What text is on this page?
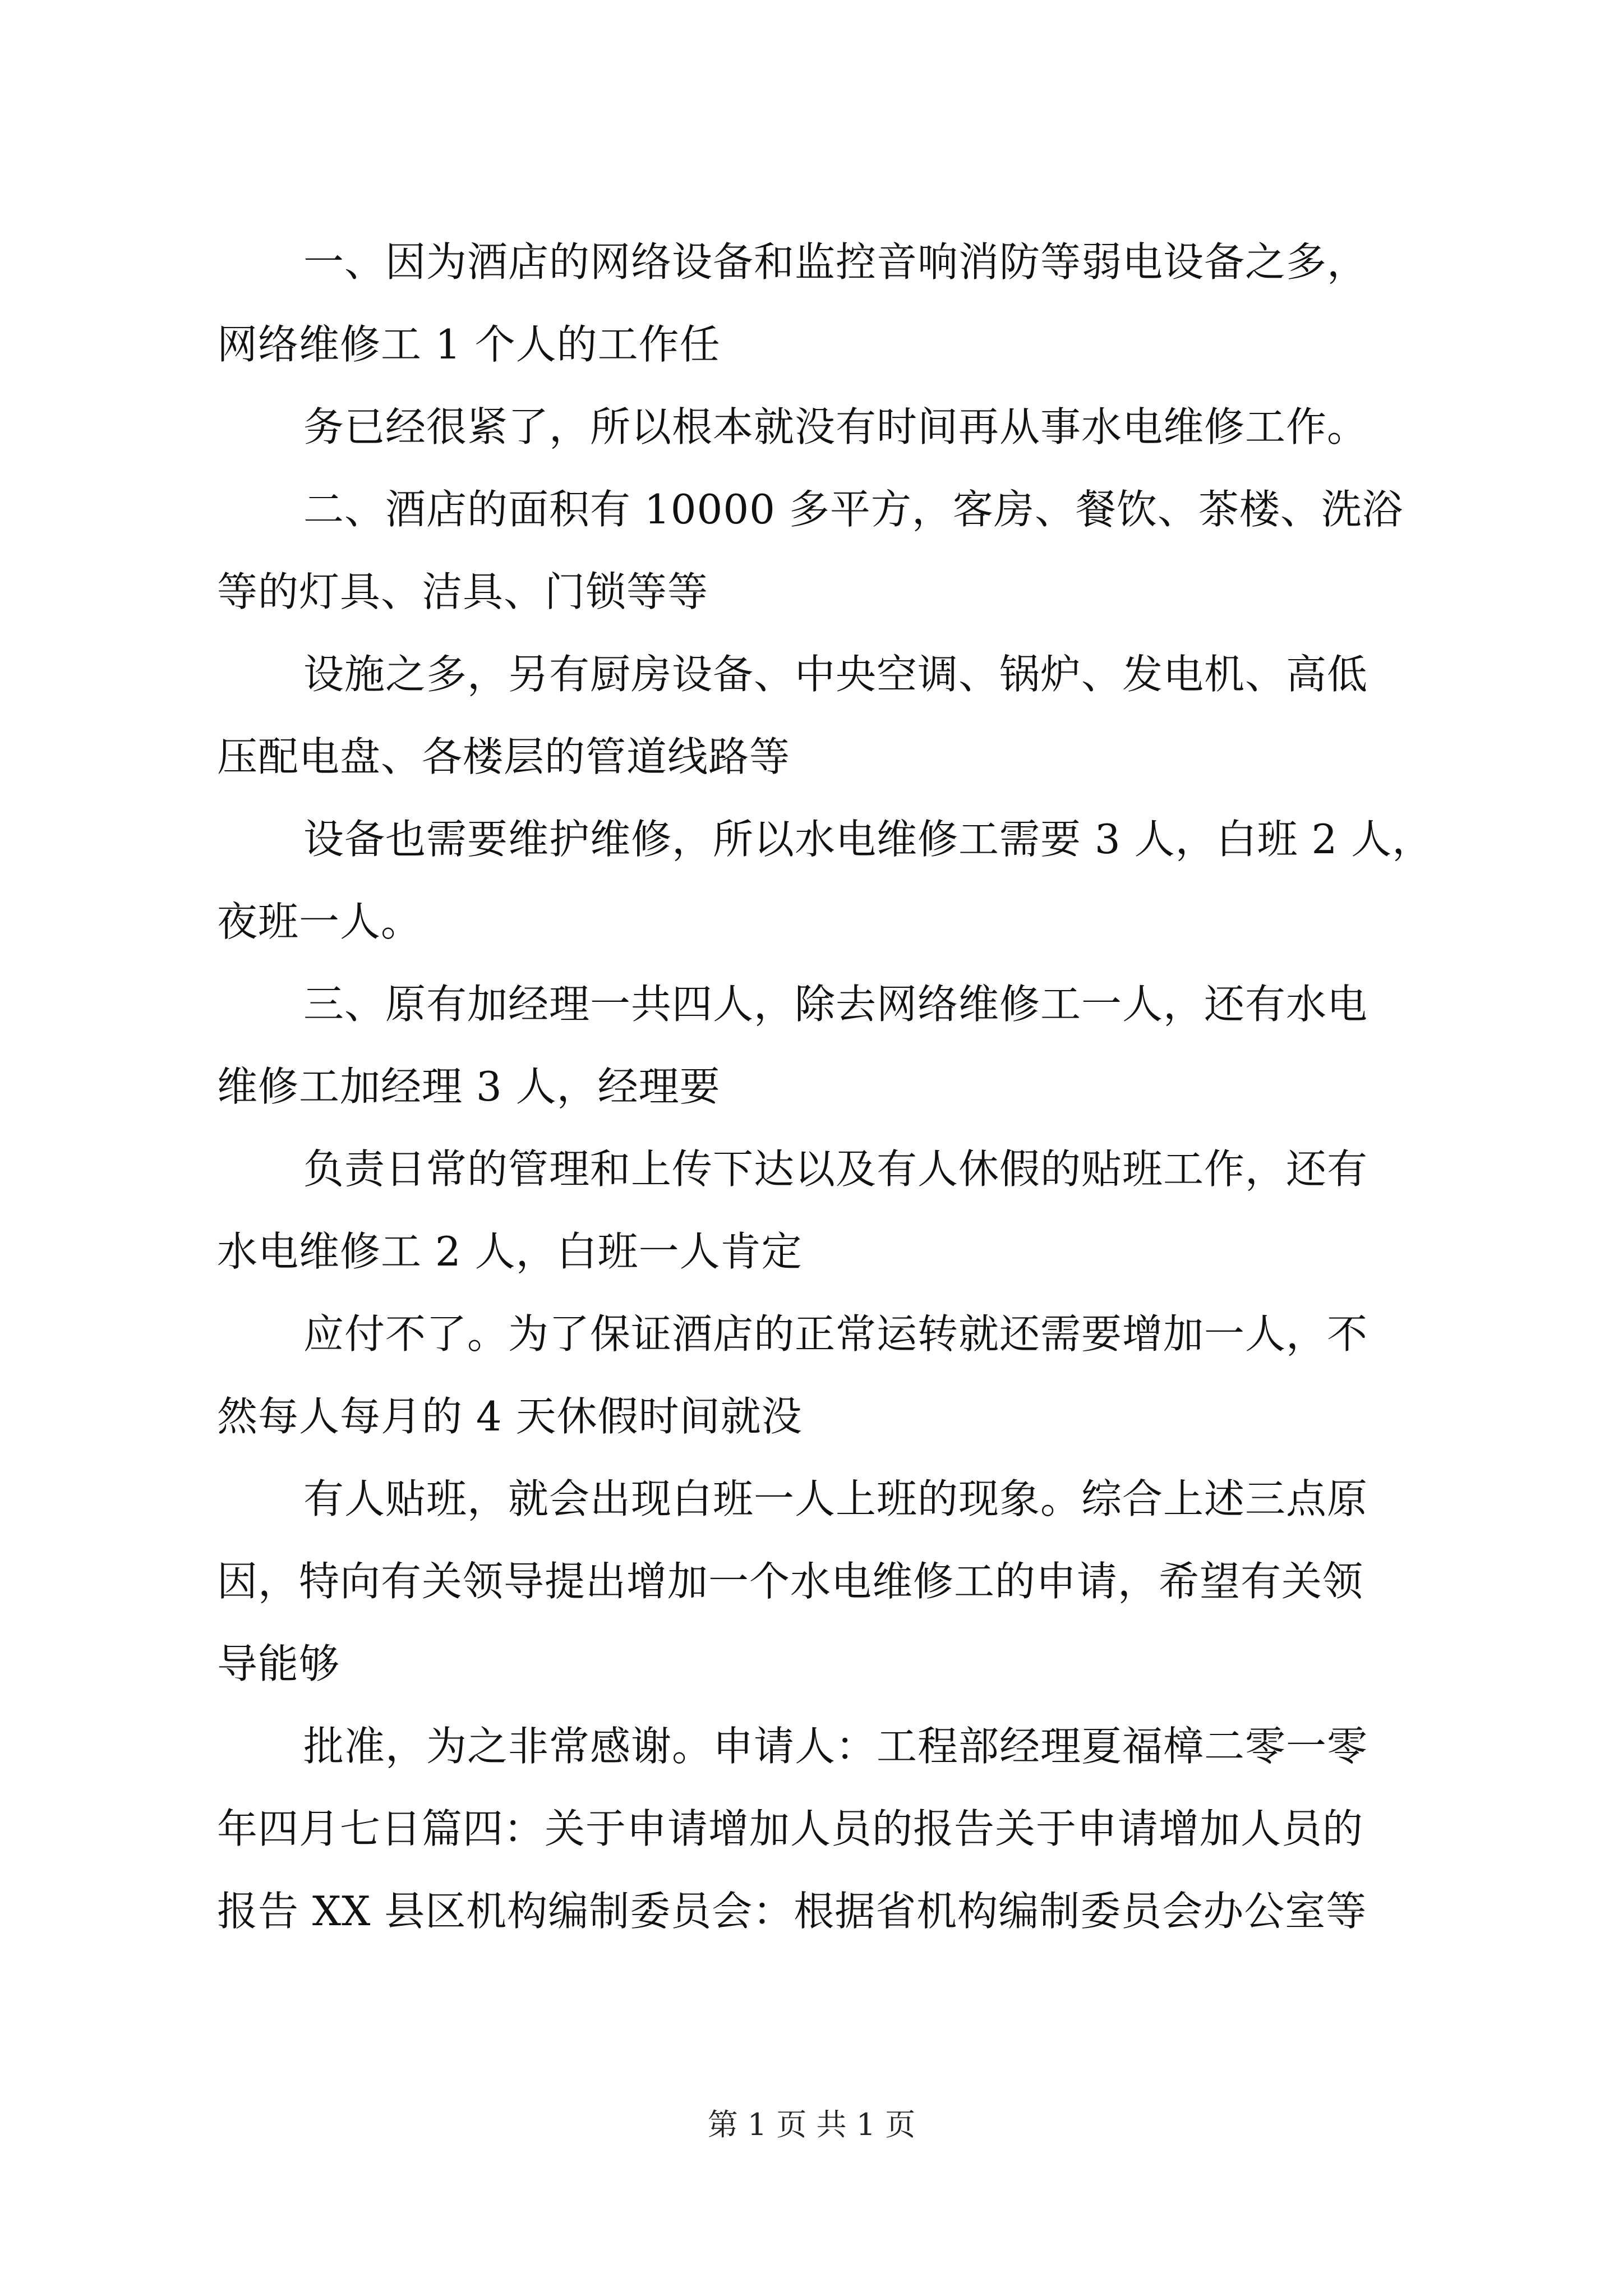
一、因为酒店的网络设备和监控音响消防等弱电设备之多，

网络维修工 1 个人的工作任

务已经很紧了，所以根本就没有时间再从事水电维修工作。

二、酒店的面积有 10000 多平方，客房、餐饮、茶楼、洗浴

等的灯具、洁具、门锁等等

设施之多，另有厨房设备、中央空调、锅炉、发电机、高低

压配电盘、各楼层的管道线路等

设备也需要维护维修，所以水电维修工需要 3 人，白班 2 人，

夜班一人。

三、原有加经理一共四人，除去网络维修工一人，还有水电

维修工加经理 3 人，经理要

负责日常的管理和上传下达以及有人休假的贴班工作，还有

水电维修工 2 人，白班一人肯定

应付不了。为了保证酒店的正常运转就还需要增加一人，不

然每人每月的 4 天休假时间就没

有人贴班，就会出现白班一人上班的现象。综合上述三点原

因，特向有关领导提出增加一个水电维修工的申请，希望有关领

导能够

批准，为之非常感谢。申请人：工程部经理夏福樟二零一零

年四月七日篇四：关于申请增加人员的报告关于申请增加人员的

报告 XX 县区机构编制委员会：根据省机构编制委员会办公室等

第 1 页 共 1 页
